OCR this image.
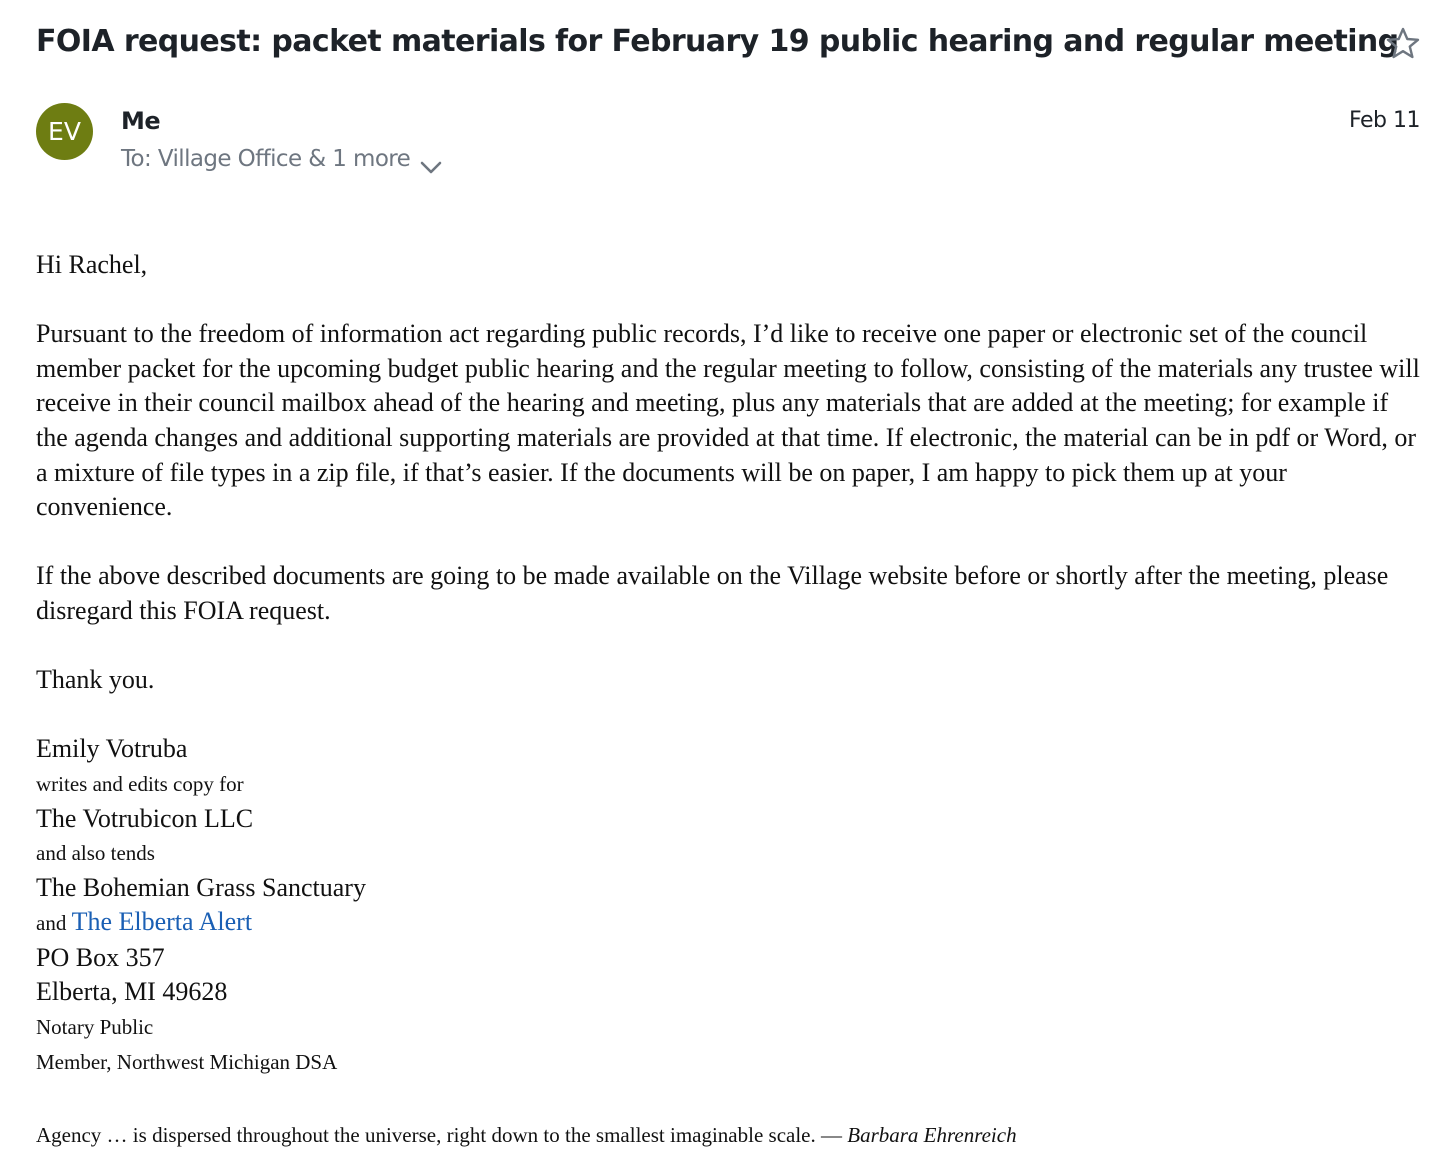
FOIA request: packet materials for February 19 public hearing and regular meeting
EV Me
To: Village Office & 1 more
Feb 11

Hi Rachel,

Pursuant to the freedom of information act regarding public records, I’d like to receive one paper or electronic set of the council member packet for the upcoming budget public hearing and the regular meeting to follow, consisting of the materials any trustee will receive in their council mailbox ahead of the hearing and meeting, plus any materials that are added at the meeting; for example if the agenda changes and additional supporting materials are provided at that time. If electronic, the material can be in pdf or Word, or a mixture of file types in a zip file, if that’s easier. If the documents will be on paper, I am happy to pick them up at your convenience.

If the above described documents are going to be made available on the Village website before or shortly after the meeting, please disregard this FOIA request.

Thank you.

Emily Votruba

writes and edits copy for

The Votrubicon LLC

and also tends

The Bohemian Grass Sanctuary

and The Elberta Alert

PO Box 357

Elberta, MI 49628

Notary Public

Member, Northwest Michigan DSA

Agency … is dispersed throughout the universe, right down to the smallest imaginable scale. — Barbara Ehrenreich
